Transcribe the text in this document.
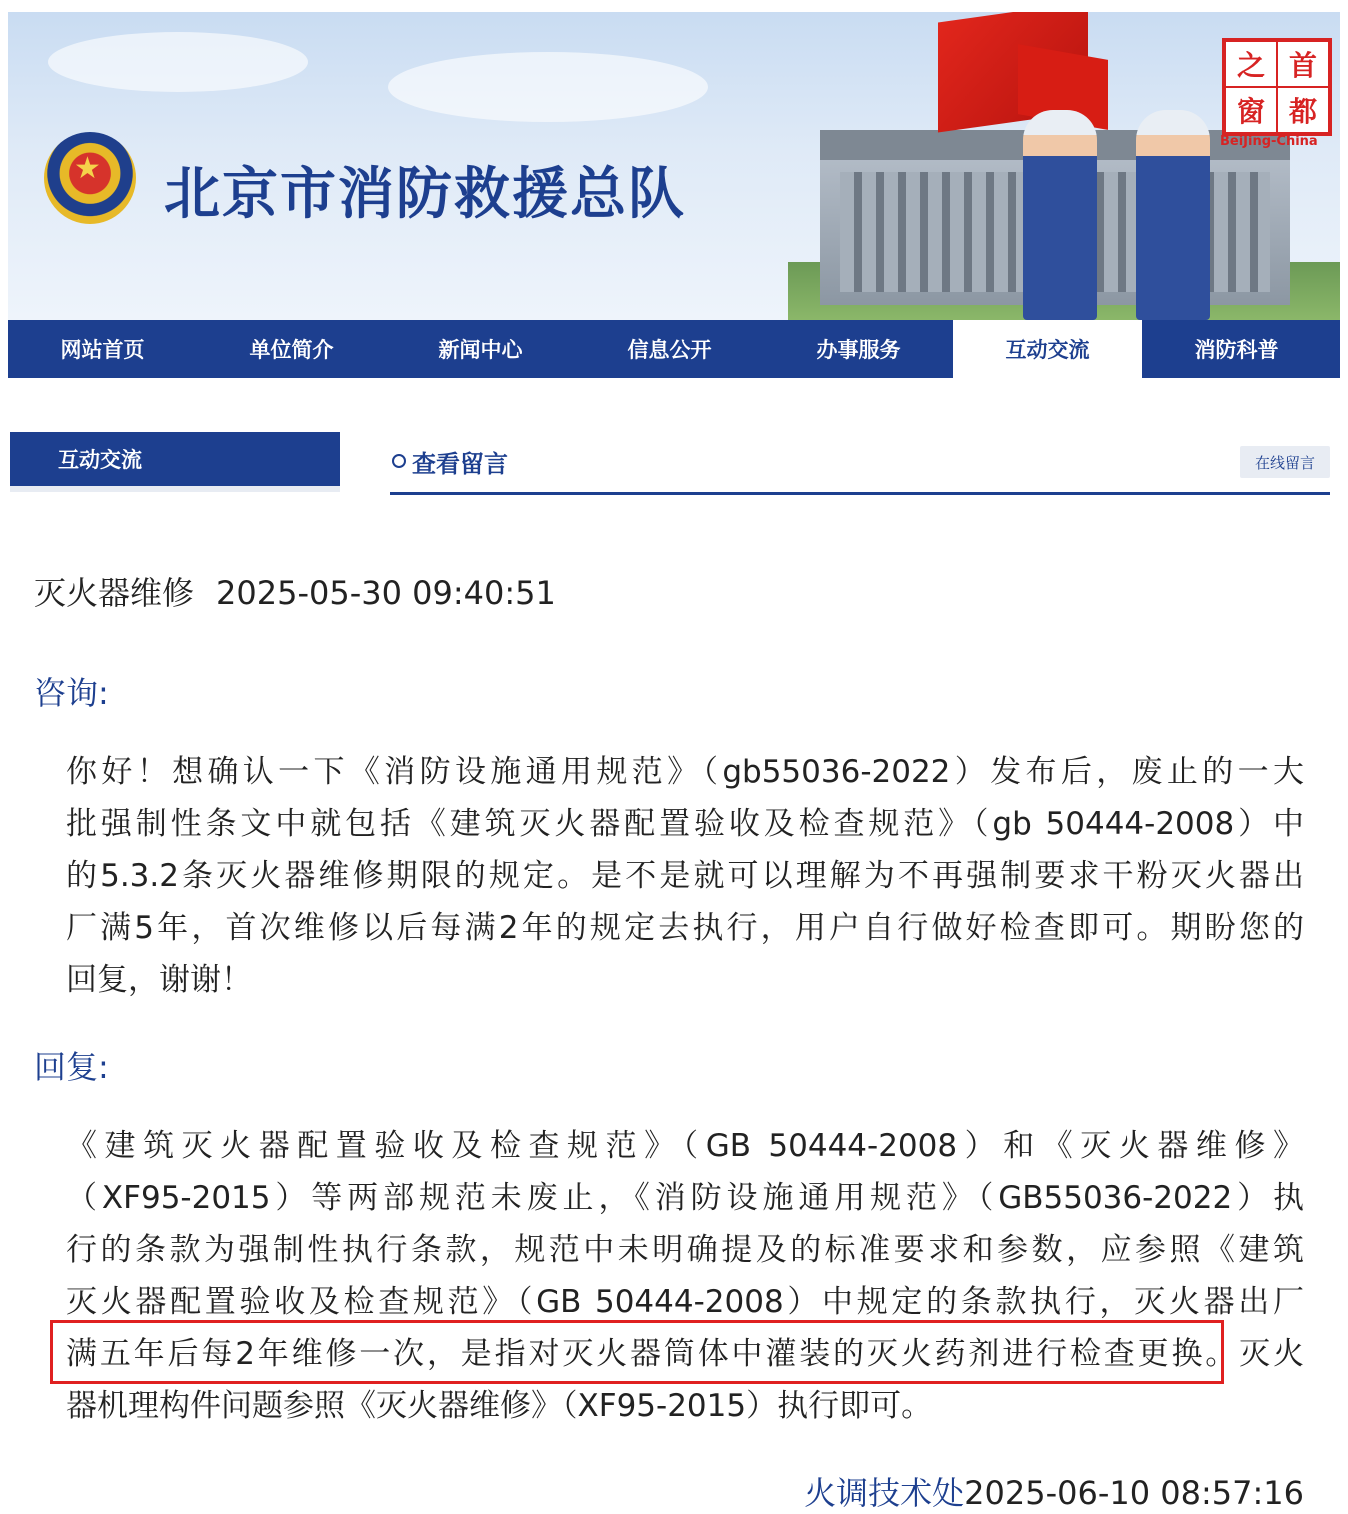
★ 北京市消防救援总队
之 首
窗 都
BeiJing-China
网站首页	单位简介	新闻中心	信息公开	办事服务	互动交流	消防科普
互动交流	查看留言	在线留言
灭火器维修 2025-05-30 09:40:51
咨询:
你好！想确认一下《消防设施通用规范》（gb55036-2022）发布后，废止的一大
批强制性条文中就包括《建筑灭火器配置验收及检查规范》（gb 50444-2008）中
的5.3.2条灭火器维修期限的规定。是不是就可以理解为不再强制要求干粉灭火器出
厂满5年，首次维修以后每满2年的规定去执行，用户自行做好检查即可。期盼您的
回复，谢谢！
回复:
《建筑灭火器配置验收及检查规范》（GB 50444-2008）和《灭火器维修》
（XF95-2015）等两部规范未废止，《消防设施通用规范》（GB55036-2022）执
行的条款为强制性执行条款，规范中未明确提及的标准要求和参数，应参照《建筑
灭火器配置验收及检查规范》（GB 50444-2008）中规定的条款执行，灭火器出厂
满五年后每2年维修一次，是指对灭火器筒体中灌装的灭火药剂进行检查更换。灭火
器机理构件问题参照《灭火器维修》（XF95-2015）执行即可。
火调技术处2025-06-10 08:57:16
